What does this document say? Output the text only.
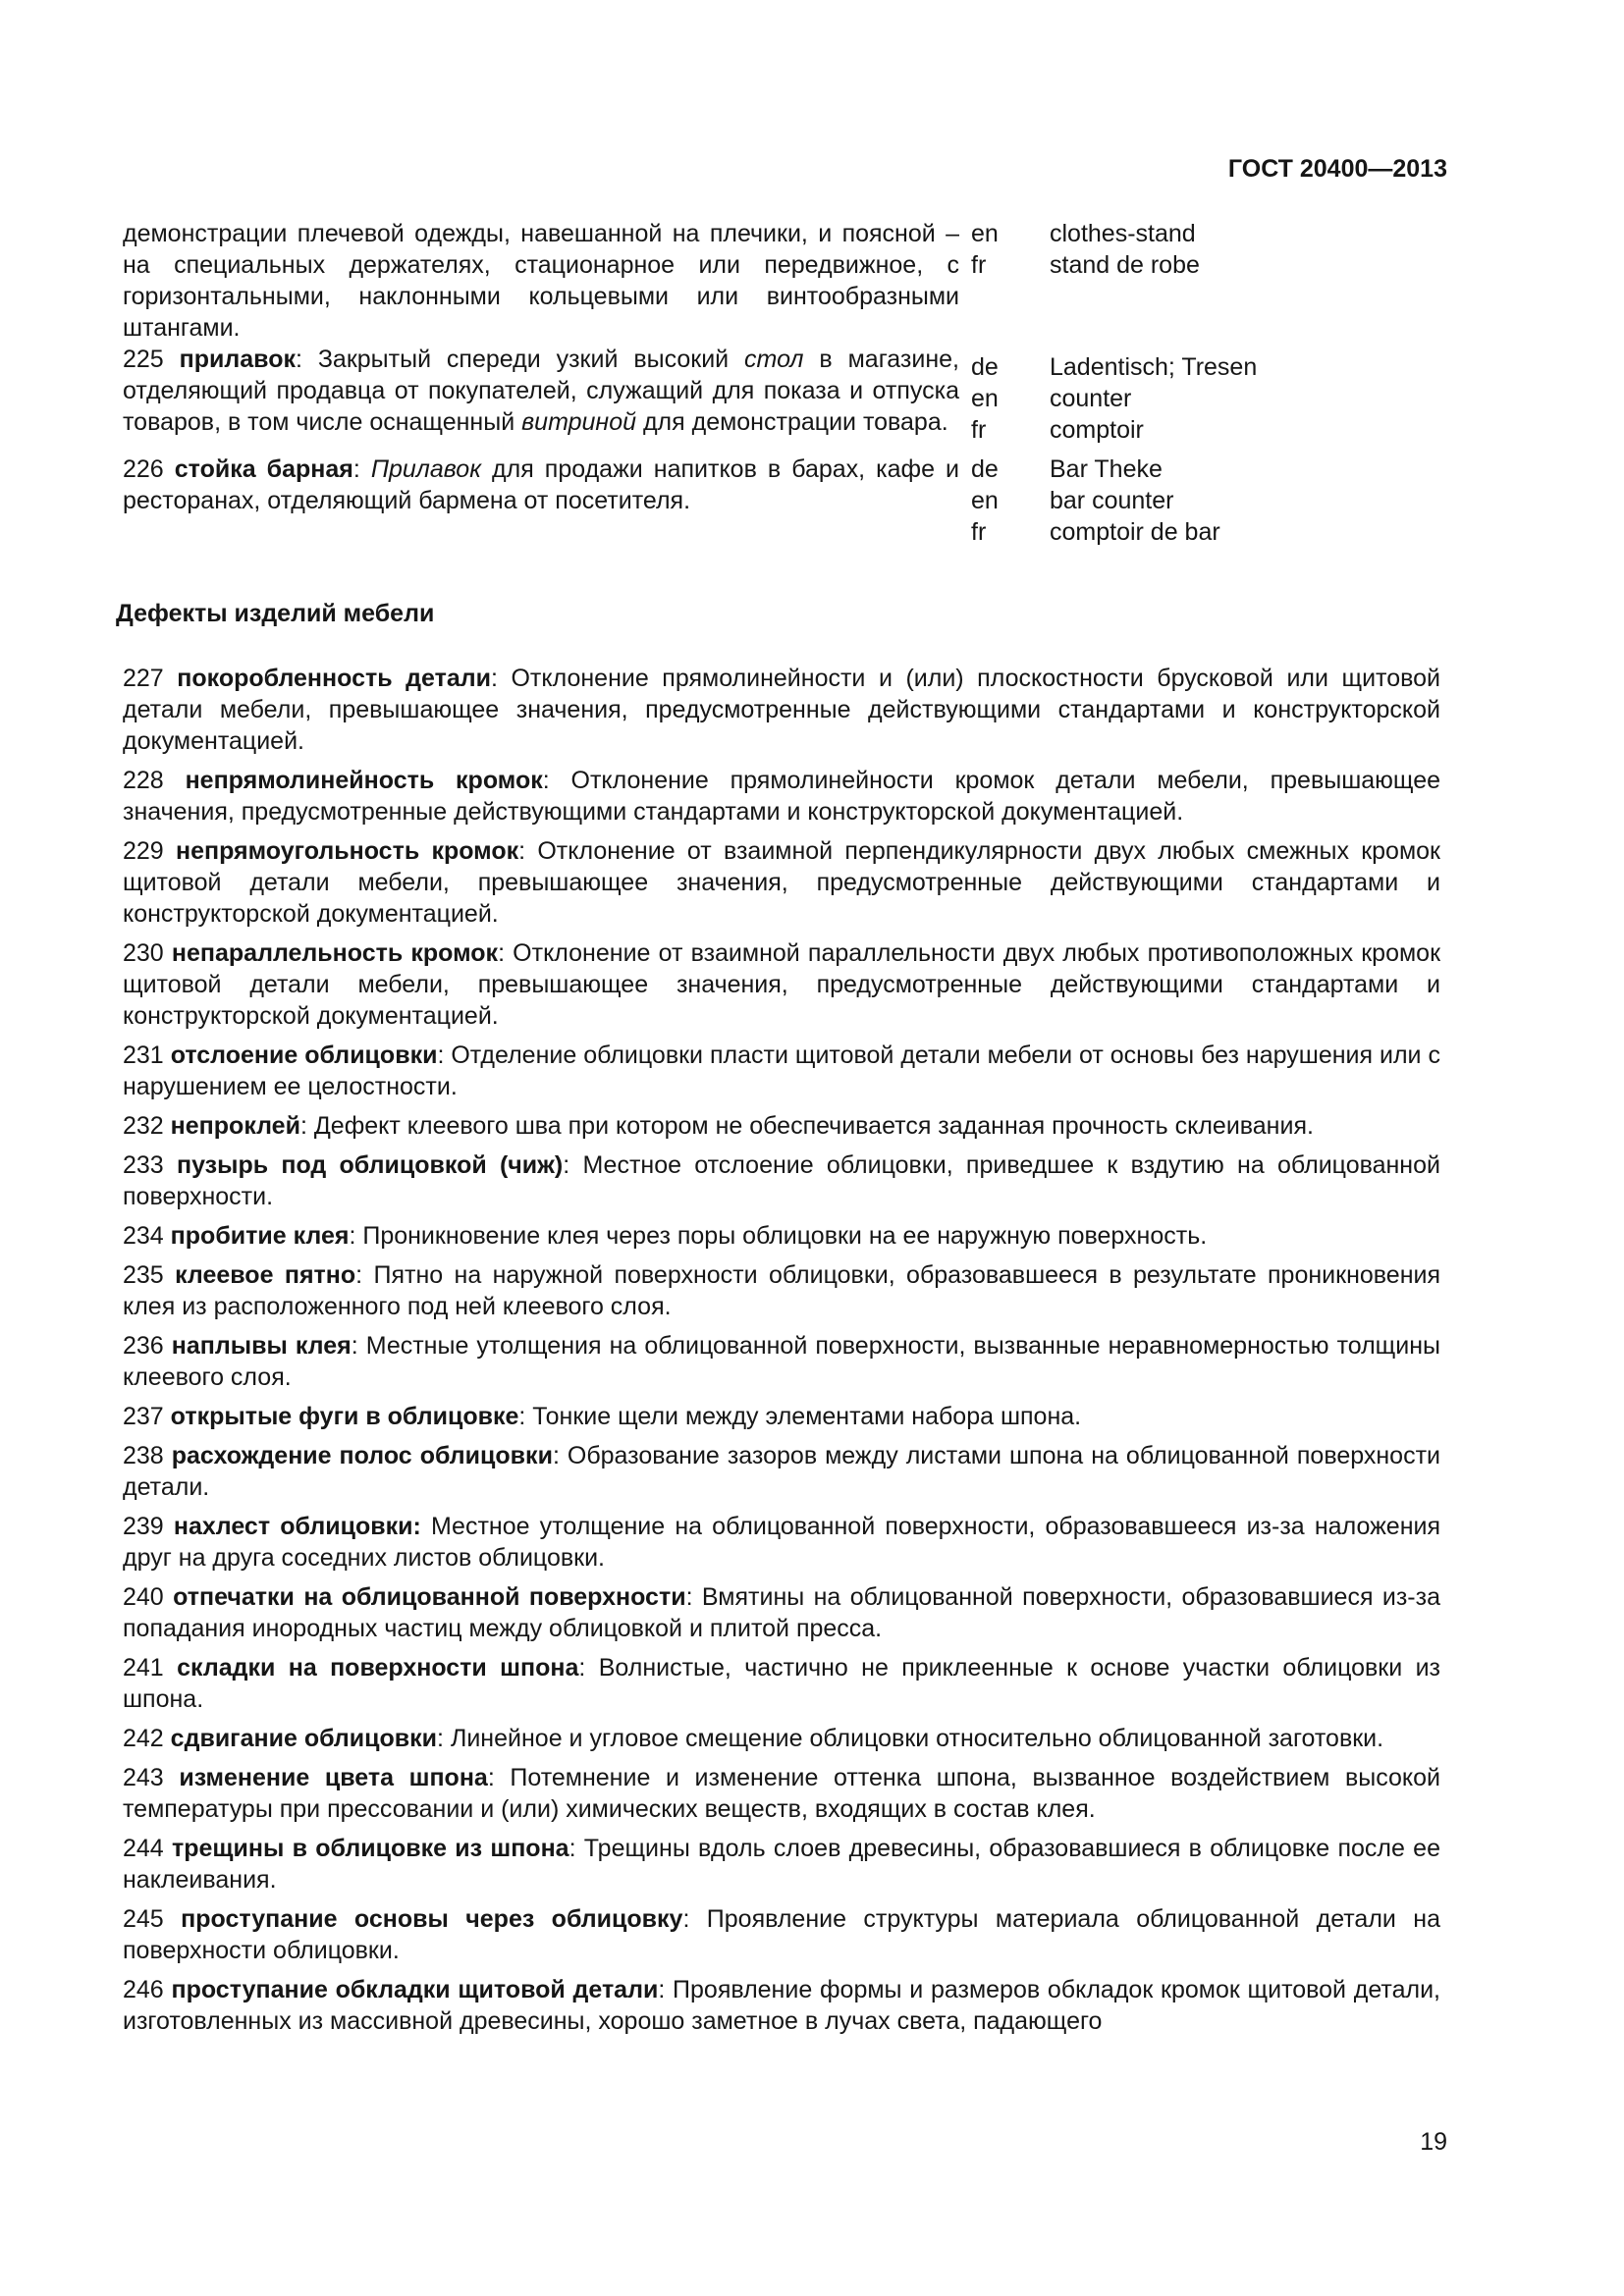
ГОСТ 20400—2013
демонстрации плечевой одежды, навешанной на плечики, и поясной – на специальных держателях, стационарное или передвижное, с горизонтальными, наклонными кольцевыми или винтообразными штангами.
en
fr
clothes-stand
stand de robe
225 прилавок: Закрытый спереди узкий высокий стол в магазине, отделяющий продавца от покупателей, служащий для показа и отпуска товаров, в том числе оснащенный витриной для демонстрации товара.
de
en
fr
Ladentisch; Tresen
counter
comptoir
226 стойка барная: Прилавок для продажи напитков в барах, кафе и ресторанах, отделяющий бармена от посетителя.
de
en
fr
Bar Theke
bar counter
comptoir de bar
Дефекты изделий мебели
227 покоробленность детали: Отклонение прямолинейности и (или) плоскостности брусковой или щитовой детали мебели, превышающее значения, предусмотренные действующими стандартами и конструкторской документацией.
228 непрямолинейность кромок: Отклонение прямолинейности кромок детали мебели, превышающее значения, предусмотренные действующими стандартами и конструкторской документацией.
229 непрямоугольность кромок: Отклонение от взаимной перпендикулярности двух любых смежных кромок щитовой детали мебели, превышающее значения, предусмотренные действующими стандартами и конструкторской документацией.
230 непараллельность кромок: Отклонение от взаимной параллельности двух любых противоположных кромок щитовой детали мебели, превышающее значения, предусмотренные действующими стандартами и конструкторской документацией.
231 отслоение облицовки: Отделение облицовки пласти щитовой детали мебели от основы без нарушения или с нарушением ее целостности.
232 непроклей: Дефект клеевого шва при котором не обеспечивается заданная прочность склеивания.
233 пузырь под облицовкой (чиж): Местное отслоение облицовки, приведшее к вздутию на облицованной поверхности.
234 пробитие клея: Проникновение клея через поры облицовки на ее наружную поверхность.
235 клеевое пятно: Пятно на наружной поверхности облицовки, образовавшееся в результате проникновения клея из расположенного под ней клеевого слоя.
236 наплывы клея: Местные утолщения на облицованной поверхности, вызванные неравномерностью толщины клеевого слоя.
237 открытые фуги в облицовке: Тонкие щели между элементами набора шпона.
238 расхождение полос облицовки: Образование зазоров между листами шпона на облицованной поверхности детали.
239 нахлест облицовки: Местное утолщение на облицованной поверхности, образовавшееся из-за наложения друг на друга соседних листов облицовки.
240 отпечатки на облицованной поверхности: Вмятины на облицованной поверхности, образовавшиеся из-за попадания инородных частиц между облицовкой и плитой пресса.
241 складки на поверхности шпона: Волнистые, частично не приклеенные к основе участки облицовки из шпона.
242 сдвигание облицовки: Линейное и угловое смещение облицовки относительно облицованной заготовки.
243 изменение цвета шпона: Потемнение и изменение оттенка шпона, вызванное воздействием высокой температуры при прессовании и (или) химических веществ, входящих в состав клея.
244 трещины в облицовке из шпона: Трещины вдоль слоев древесины, образовавшиеся в облицовке после ее наклеивания.
245 проступание основы через облицовку: Проявление структуры материала облицованной детали на поверхности облицовки.
246 проступание обкладки щитовой детали: Проявление формы и размеров обкладок кромок щитовой детали, изготовленных из массивной древесины, хорошо заметное в лучах света, падающего
19
